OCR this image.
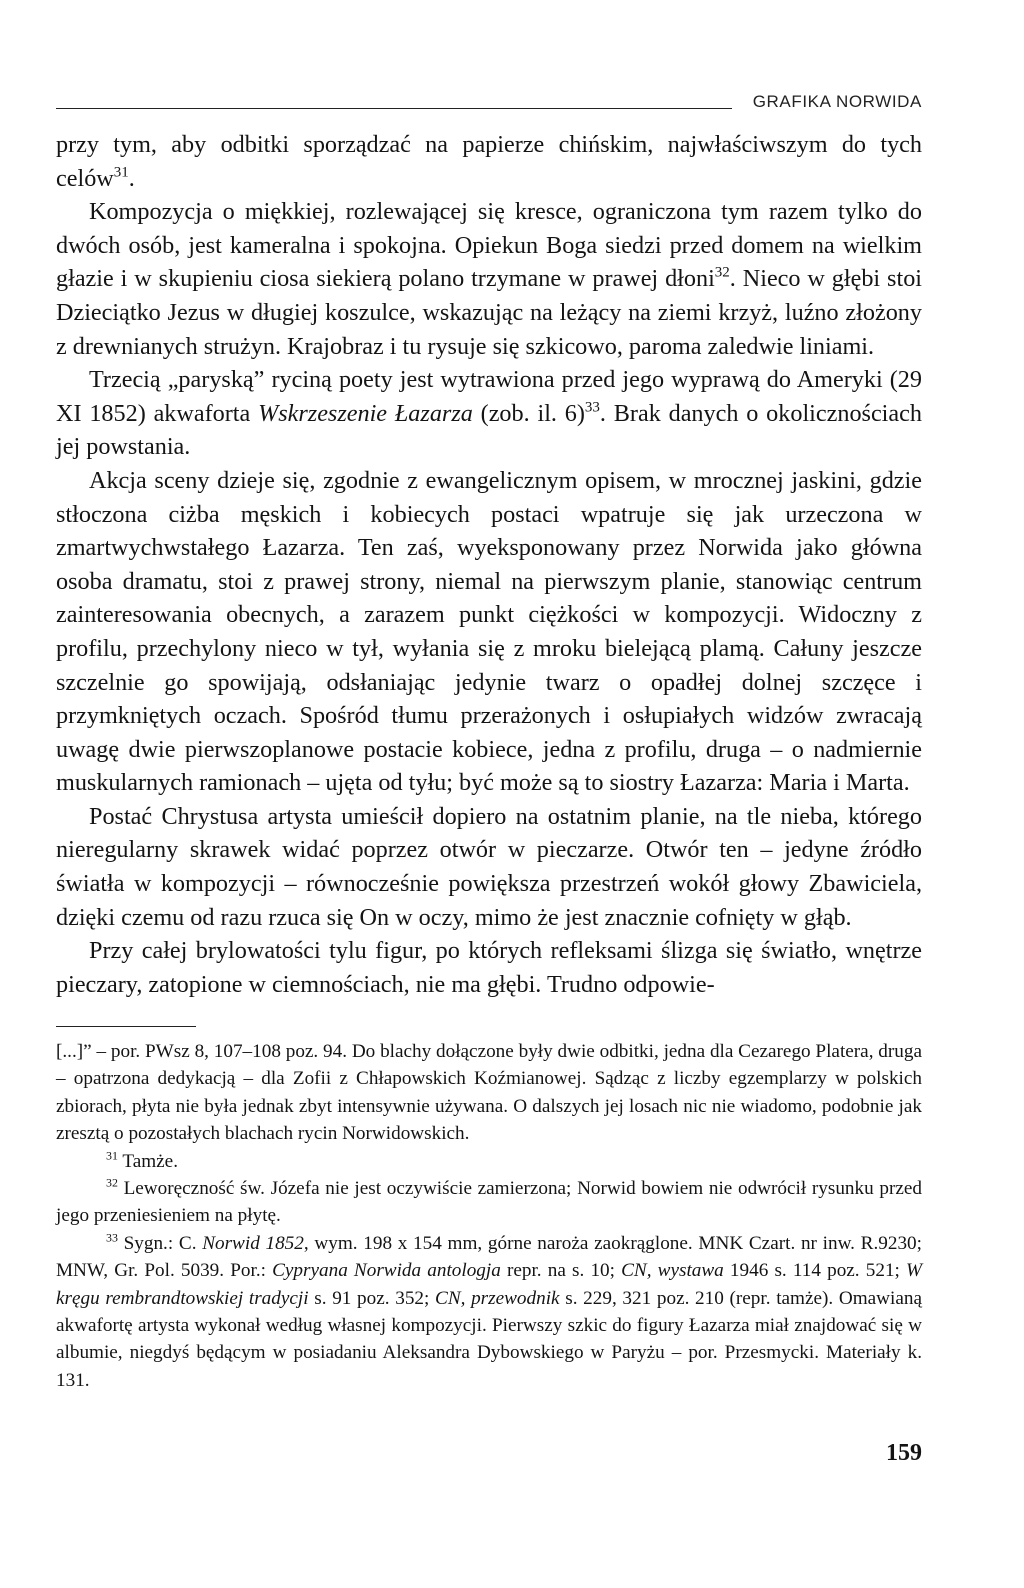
GRAFIKA NORWIDA

przy tym, aby odbitki sporządzać na papierze chińskim, najwłaściwszym do tych celów$^{31}$.

Kompozycja o miękkiej, rozlewającej się kresce, ograniczona tym razem tylko do dwóch osób, jest kameralna i spokojna. Opiekun Boga siedzi przed domem na wielkim głazie i w skupieniu ciosa siekierą polano trzymane w prawej dłoni$^{32}$. Nieco w głębi stoi Dzieciątko Jezus w długiej koszulce, wskazując na leżący na ziemi krzyż, luźno złożony z drewnianych strużyn. Krajobraz i tu rysuje się szkicowo, paroma zaledwie liniami.

Trzecią „paryską” ryciną poety jest wytrawiona przed jego wyprawą do Ameryki (29 XI 1852) akwaforta Wskrzeszenie Łazarza (zob. il. 6)$^{33}$. Brak danych o okolicznościach jej powstania.

Akcja sceny dzieje się, zgodnie z ewangelicznym opisem, w mrocznej jaskini, gdzie stłoczona ciżba męskich i kobiecych postaci wpatruje się jak urzeczona w zmartwychwstałego Łazarza. Ten zaś, wyeksponowany przez Norwida jako główna osoba dramatu, stoi z prawej strony, niemal na pierwszym planie, stanowiąc centrum zainteresowania obecnych, a zarazem punkt ciężkości w kompozycji. Widoczny z profilu, przechylony nieco w tył, wyłania się z mroku bielejącą plamą. Całuny jeszcze szczelnie go spowijają, odsłaniając jedynie twarz o opadłej dolnej szczęce i przymkniętych oczach. Spośród tłumu przerażonych i osłupiałych widzów zwracają uwagę dwie pierwszoplanowe postacie kobiece, jedna z profilu, druga – o nadmiernie muskularnych ramionach – ujęta od tyłu; być może są to siostry Łazarza: Maria i Marta.

Postać Chrystusa artysta umieścił dopiero na ostatnim planie, na tle nieba, którego nieregularny skrawek widać poprzez otwór w pieczarze. Otwór ten – jedyne źródło światła w kompozycji – równocześnie powiększa przestrzeń wokół głowy Zbawiciela, dzięki czemu od razu rzuca się On w oczy, mimo że jest znacznie cofnięty w głąb.

Przy całej brylowatości tylu figur, po których refleksami ślizga się światło, wnętrze pieczary, zatopione w ciemnościach, nie ma głębi. Trudno odpowie-

[...]” – por. PWsz 8, 107–108 poz. 94. Do blachy dołączone były dwie odbitki, jedna dla Cezarego Platera, druga – opatrzona dedykacją – dla Zofii z Chłapowskich Koźmianowej. Sądząc z liczby egzemplarzy w polskich zbiorach, płyta nie była jednak zbyt intensywnie używana. O dalszych jej losach nic nie wiadomo, podobnie jak zresztą o pozostałych blachach rycin Norwidowskich.

$^{31}$ Tamże.

$^{32}$ Leworęczność św. Józefa nie jest oczywiście zamierzona; Norwid bowiem nie odwrócił rysunku przed jego przeniesieniem na płytę.

$^{33}$ Sygn.: C. Norwid 1852, wym. 198 x 154 mm, górne naroża zaokrąglone. MNK Czart. nr inw. R.9230; MNW, Gr. Pol. 5039. Por.: Cypryana Norwida antologja repr. na s. 10; CN, wystawa 1946 s. 114 poz. 521; W kręgu rembrandtowskiej tradycji s. 91 poz. 352; CN, przewodnik s. 229, 321 poz. 210 (repr. tamże). Omawianą akwafortę artysta wykonał według własnej kompozycji. Pierwszy szkic do figury Łazarza miał znajdować się w albumie, niegdyś będącym w posiadaniu Aleksandra Dybowskiego w Paryżu – por. Przesmycki. Materiały k. 131.

159
